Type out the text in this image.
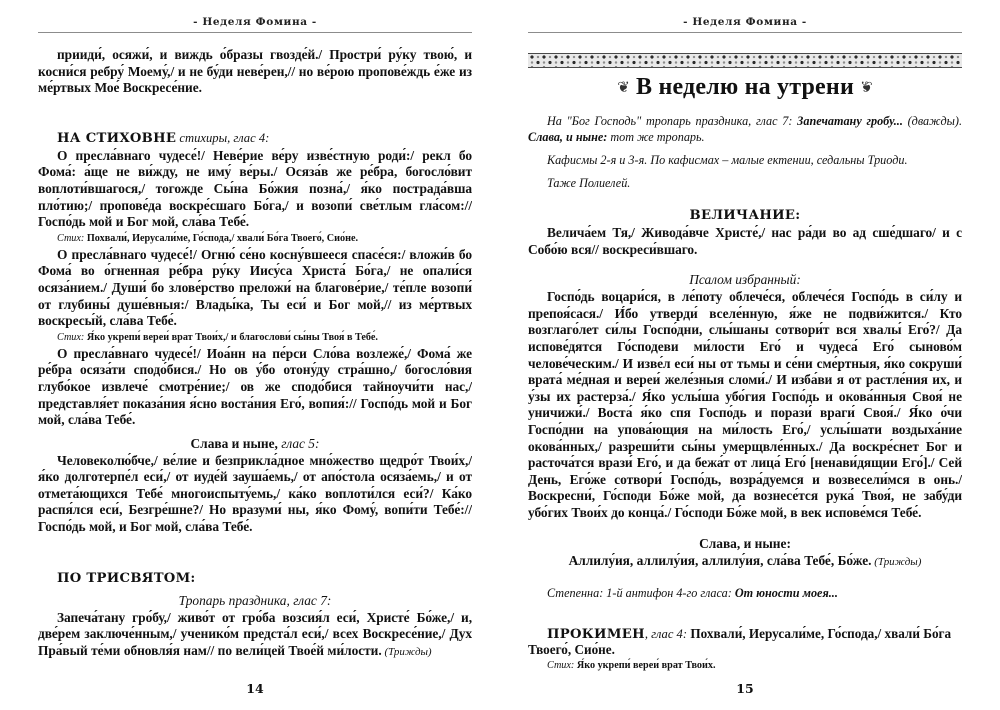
- Неделя Фомина -

прииди́, осяжи́, и виждь о́бразы гвозде́й./ Простри́ ру́ку твою́, и косни́ся ребру́ Моему́,/ и не бу́ди неве́рен,// но ве́рою пропове́ждь е́же из ме́ртвых Мое́ Воскресе́ние.

НА СТИХОВНЕ стихиры, глас 4:

О пресла́внаго чудесе́!/ Неве́рие ве́ру изве́стную роди́:/ рекл бо Фома́: а́ще не ви́жду, не иму́ ве́ры./ Осяза́в же ре́бра, богосло́вит воплоти́вшагося,/ тогожде Сы́на Бо́жия позна́,/ я́ко пострада́вша пло́тию;/ пропове́да воскре́сшаго Бо́га,/ и возопи́ све́тлым гла́сом:// Госпо́дь мой и Бог мой, сла́ва Тебе́.

Стих: Похвали́, Иерусали́ме, Го́спода,/ хвали́ Бо́га Твоего́, Сио́не.

О пресла́внаго чудесе́!/ Огню́ се́но косну́вшееся спасе́ся:/ вложи́в бо Фома́ во о́гненная ре́бра ру́ку Иису́са Христа́ Бо́га,/ не опали́ся осяза́нием./ Души́ бо злове́рство преложи́ на благове́рие,/ те́пле возопи́ от глубины́ душе́вныя:/ Влады́ка, Ты еси́ и Бог мой,// из ме́ртвых воскресы́й, сла́ва Тебе́.

Стих: Я́ко укрепи́ вереи́ врат Твои́х,/ и благослови́ сы́ны Твоя́ в Тебе́.

О пресла́внаго чудесе́!/ Иоа́нн на пе́рси Сло́ва возлеже́,/ Фома́ же ре́бра осяза́ти сподо́бися./ Но ов у́бо отону́ду стра́шно,/ богосло́вия глубо́кое извлече́ смотре́ние;/ ов же сподо́бися тайноучи́ти нас,/ представля́ет показа́ния я́сно воста́ния Его́, вопия́:// Госпо́дь мой и Бог мой, сла́ва Тебе́.

Слава и ныне, глас 5:

Человеколю́бче,/ ве́лие и безприкла́дное мно́жество щедро́т Твои́х,/ я́ко долготерпе́л еси́,/ от иуде́й зауша́емь,/ от апо́стола осяза́емь,/ и от отмета́ющихся Тебе́ многоиспыту́емь,/ ка́ко воплоти́лся еси́?/ Ка́ко распя́лся еси́, Безгре́шне?/ Но вразуми́ ны, я́ко Фому́, вопи́ти Тебе́:// Госпо́дь мой, и Бог мой, сла́ва Тебе́.

ПО ТРИСВЯТОМ:

Тропарь праздника, глас 7:

Запеча́тану гро́бу,/ живо́т от гро́ба возсия́л еси́, Христе́ Бо́же,/ и, две́рем заключе́нным,/ ученико́м предста́л еси́,/ всех Воскресе́ние,/ Дух Пра́вый те́ми обновля́я нам// по вели́цей Твое́й ми́лости. (Трижды)

14
- Неделя Фомина -
❦ В неделю на утрени ❦

На "Бог Господь" тропарь праздника, глас 7: Запечатану гробу... (дважды). Слава, и ныне: тот же тропарь.

Кафисмы 2-я и 3-я. По кафисмах – малые ектении, седальны Триоди.

Таже Полиелей.

ВЕЛИЧАНИЕ:

Велича́ем Тя,/ Живода́вче Христе́,/ нас ра́ди во ад сше́дшаго/ и с Собо́ю вся// воскреси́вшаго.

Псалом избранный:

Госпо́дь воцари́ся, в ле́поту облече́ся, облече́ся Госпо́дь в си́лу и препоя́сася./ И́бо утверди́ вселе́нную, я́же не подви́жится./ Кто возглаго́лет си́лы Госпо́дни, слы́шаны сотвори́т вся хвалы́ Его́?/ Да испове́дятся Го́сподеви ми́лости Его́ и чудеса́ Его́ сыново́м челове́ческим./ И изве́л еси́ ны от тьмы и се́ни сме́ртныя, я́ко сокруши́ врата́ ме́дная и вереи́ желе́зныя сломи́./ И изба́ви я от растле́ния их, и у́зы их растерза́./ Я́ко услы́ша убо́гия Госпо́дь и окова́нныя Своя́ не уничижи́./ Воста́ я́ко спя Госпо́дь и порази́ враги́ Своя́./ Я́ко о́чи Госпо́дни на упова́ющия на ми́лость Его́,/ услы́шати воздыха́ние окова́нных,/ разреши́ти сы́ны умерщвле́нных./ Да воскре́снет Бог и расточа́тся врази́ Его́, и да бежа́т от лица́ Его́ [ненави́дящии Его́]./ Сей День, Его́же сотвори́ Госпо́дь, возра́дуемся и возвесели́мся в онь./ Воскресни́, Го́споди Бо́же мой, да вознесе́тся рука́ Твоя́, не забу́ди убо́гих Твои́х до конца́./ Го́споди Бо́же мой, в век испове́мся Тебе́.

Слава, и ныне:

Аллилу́ия, аллилу́ия, аллилу́ия, сла́ва Тебе́, Бо́же. (Трижды)

Степенна: 1-й антифон 4-го гласа: От юности моея...

ПРОКИМЕН, глас 4: Похвали́, Иерусали́ме, Го́спода,/ хвали́ Бо́га Твоего́, Сио́не.

Стих: Я́ко укрепи́ вереи́ врат Твои́х.

15
